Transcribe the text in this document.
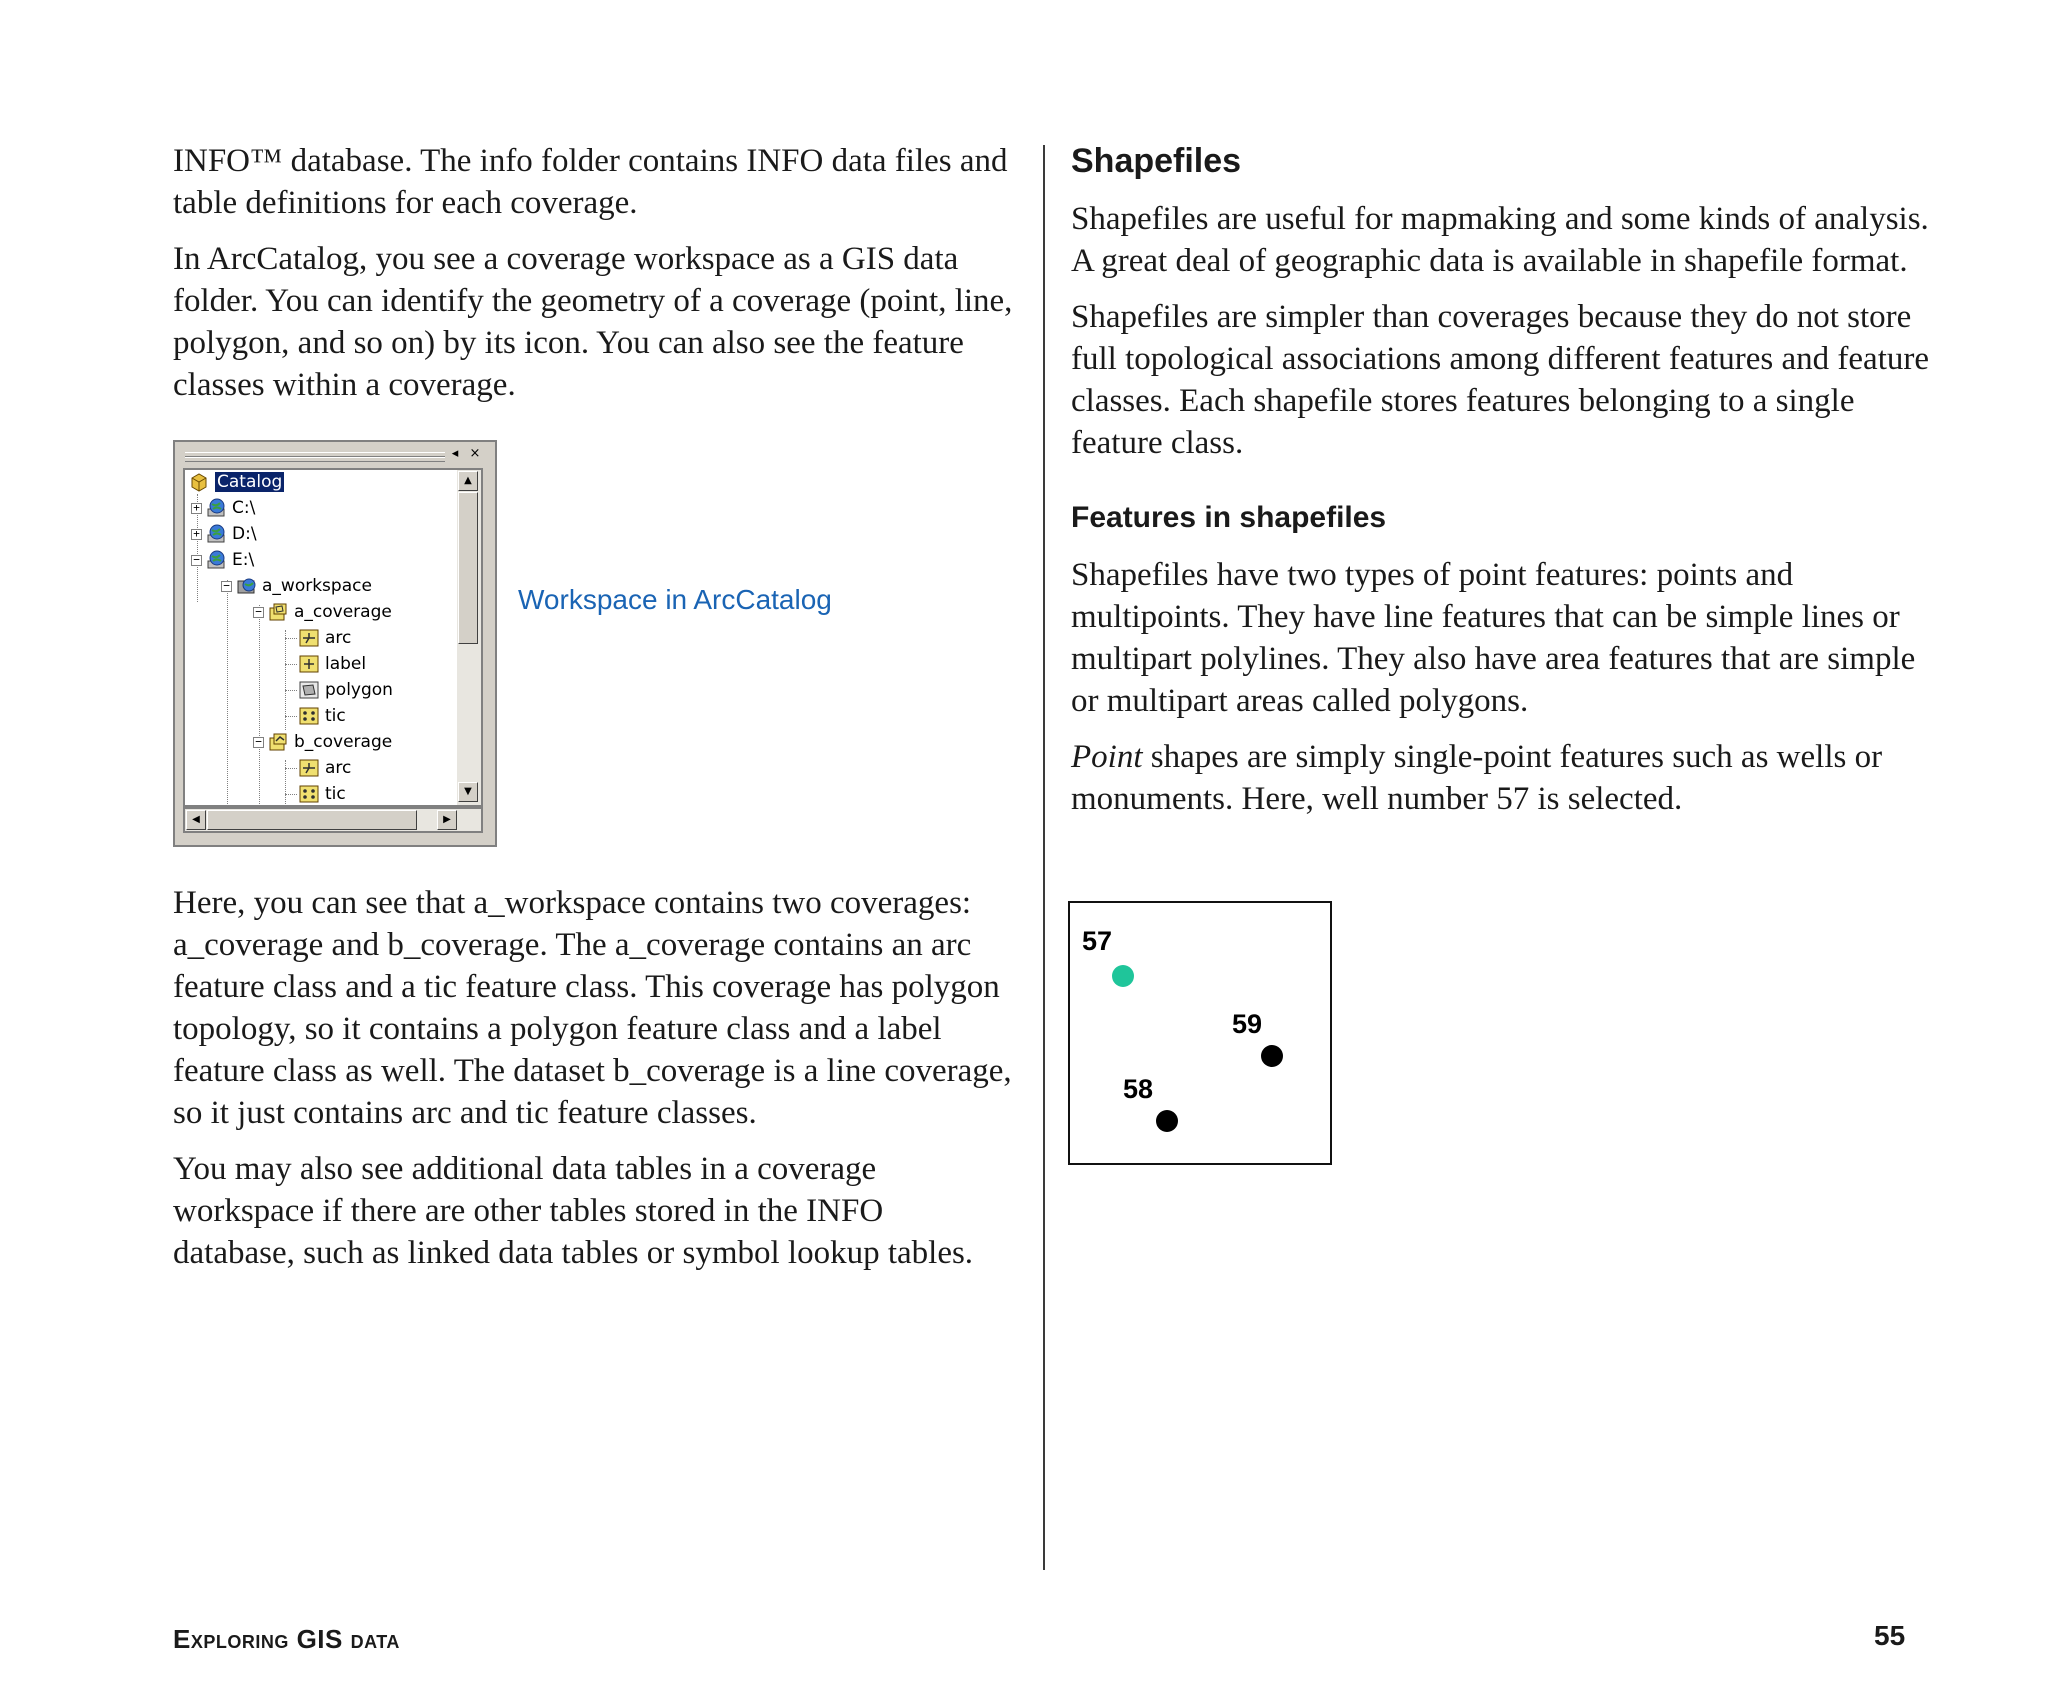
INFO™ database. The info folder contains INFO data files and table definitions for each coverage.

In ArcCatalog, you see a coverage workspace as a GIS data folder. You can identify the geometry of a coverage (point, line, polygon, and so on) by its icon. You can also see the feature classes within a coverage.

◂ ×
Catalog
+ C:\
+ D:\
− E:\
− a_workspace
− a_coverage
arc
label
polygon
tic
− b_coverage
arc
tic
▲
▼
◀	▶
Workspace in ArcCatalog

Here, you can see that a_workspace contains two coverages: a_coverage and b_coverage. The a_coverage contains an arc feature class and a tic feature class. This coverage has polygon topology, so it contains a polygon feature class and a label feature class as well. The dataset b_coverage is a line coverage, so it just contains arc and tic feature classes.

You may also see additional data tables in a coverage workspace if there are other tables stored in the INFO database, such as linked data tables or symbol lookup tables.

Shapefiles

Shapefiles are useful for mapmaking and some kinds of analysis. A great deal of geographic data is available in shapefile format.

Shapefiles are simpler than coverages because they do not store full topological associations among different features and feature classes. Each shapefile stores features belonging to a single feature class.

Features in shapefiles

Shapefiles have two types of point features: points and multipoints. They have line features that can be simple lines or multipart polylines. They also have area features that are simple or multipart areas called polygons.

Point shapes are simply single-point features such as wells or monuments. Here, well number 57 is selected.

57
59
58
Exploring GIS data	55
